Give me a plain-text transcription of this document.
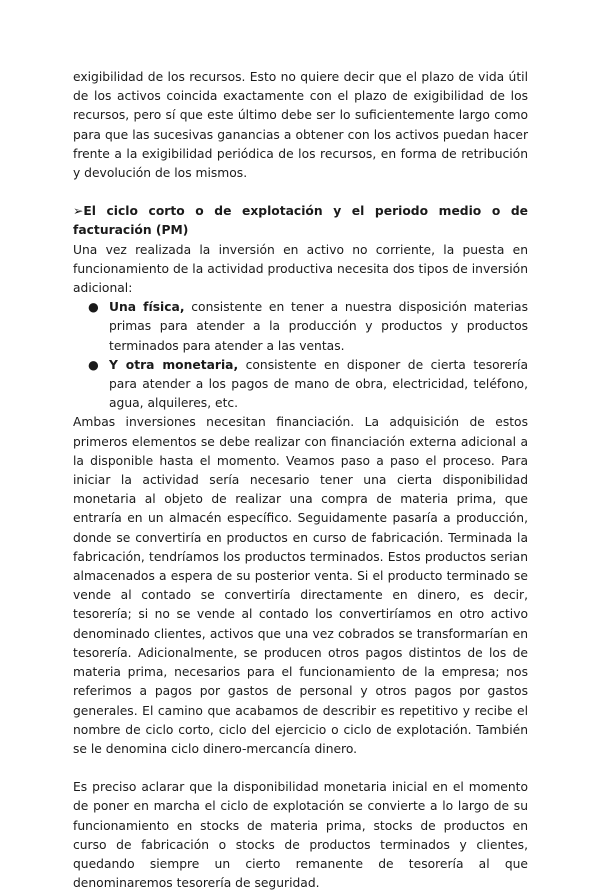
exigibilidad de los recursos. Esto no quiere decir que el plazo de vida útil de los activos coincida exactamente con el plazo de exigibilidad de los recursos, pero sí que este último debe ser lo suficientemente largo como para que las sucesivas ganancias a obtener con los activos puedan hacer frente a la exigibilidad periódica de los recursos, en forma de retribución y devolución de los mismos.

➢El ciclo corto o de explotación y el periodo medio o de facturación (PM)

Una vez realizada la inversión en activo no corriente, la puesta en funcionamiento de la actividad productiva necesita dos tipos de inversión adicional:

● Una física, consistente en tener a nuestra disposición materias primas para atender a la producción y productos y productos terminados para atender a las ventas.
● Y otra monetaria, consistente en disponer de cierta tesorería para atender a los pagos de mano de obra, electricidad, teléfono, agua, alquileres, etc.

Ambas inversiones necesitan financiación. La adquisición de estos primeros elementos se debe realizar con financiación externa adicional a la disponible hasta el momento. Veamos paso a paso el proceso. Para iniciar la actividad sería necesario tener una cierta disponibilidad monetaria al objeto de realizar una compra de materia prima, que entraría en un almacén específico. Seguidamente pasaría a producción, donde se convertiría en productos en curso de fabricación. Terminada la fabricación, tendríamos los productos terminados. Estos productos serian almacenados a espera de su posterior venta. Si el producto terminado se vende al contado se convertiría directamente en dinero, es decir, tesorería; si no se vende al contado los convertiríamos en otro activo denominado clientes, activos que una vez cobrados se transformarían en tesorería. Adicionalmente, se producen otros pagos distintos de los de materia prima, necesarios para el funcionamiento de la empresa; nos referimos a pagos por gastos de personal y otros pagos por gastos generales. El camino que acabamos de describir es repetitivo y recibe el nombre de ciclo corto, ciclo del ejercicio o ciclo de explotación. También se le denomina ciclo dinero-mercancía dinero.

Es preciso aclarar que la disponibilidad monetaria inicial en el momento de poner en marcha el ciclo de explotación se convierte a lo largo de su funcionamiento en stocks de materia prima, stocks de productos en curso de fabricación o stocks de productos terminados y clientes, quedando siempre un cierto remanente de tesorería al que denominaremos tesorería de seguridad.
